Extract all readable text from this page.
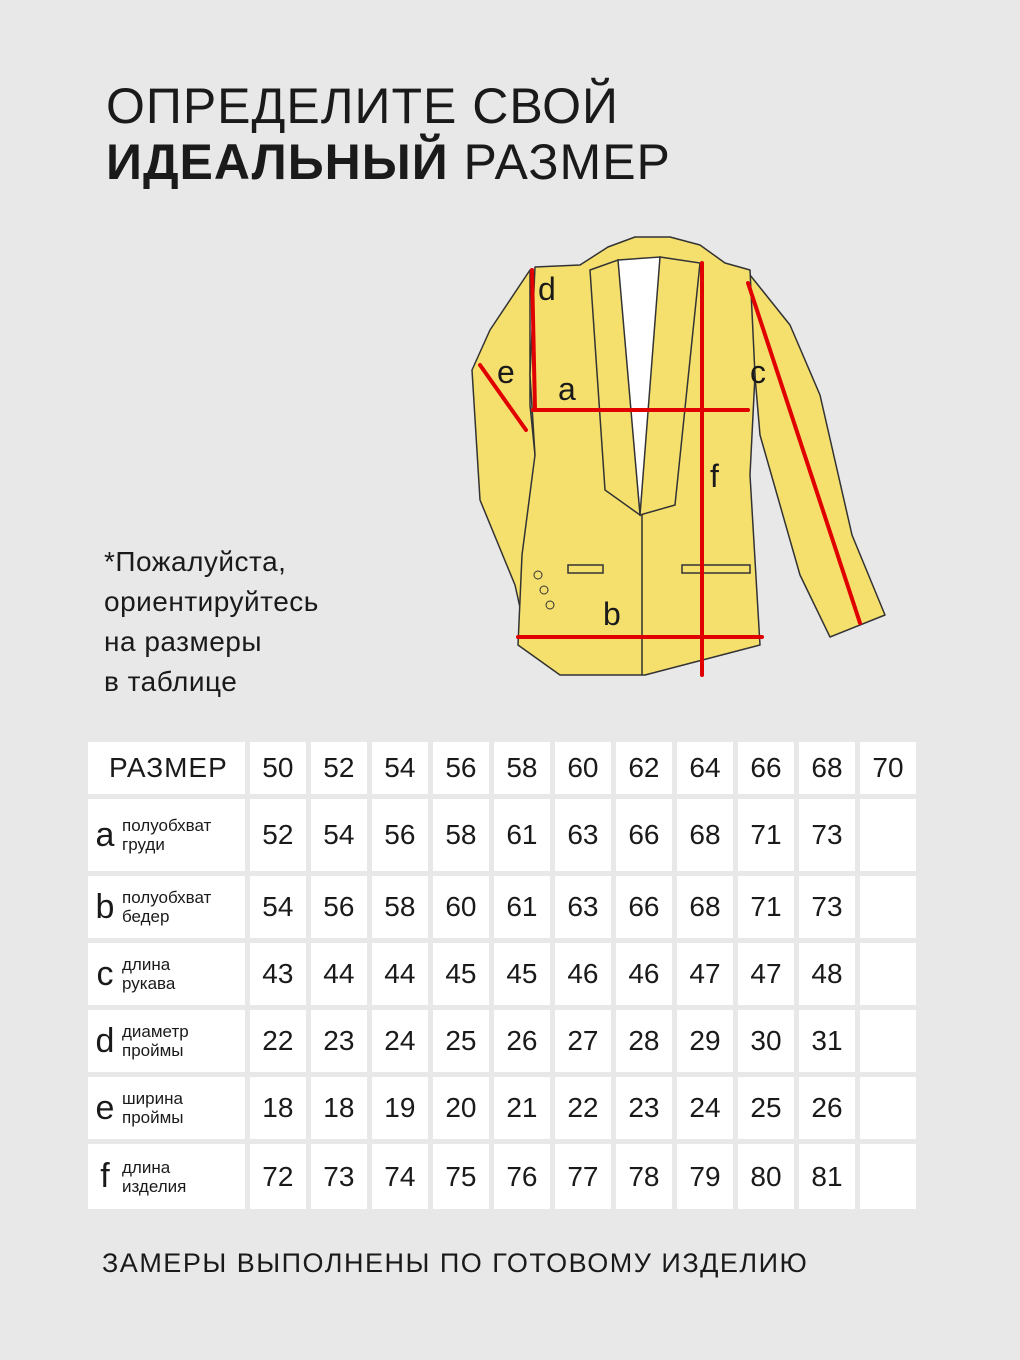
ОПРЕДЕЛИТЕ СВОЙ
ИДЕАЛЬНЫЙ РАЗМЕР
*Пожалуйста,
ориентируйтесь
на размеры
в таблице
a
b
c
d
e
f
РАЗМЕР	50	52	54	56	58	60	62	64	66	68	70
a полуобхват
груди	52	54	56	58	61	63	66	68	71	73
b полуобхват
бедер	54	56	58	60	61	63	66	68	71	73
c длина
рукава	43	44	44	45	45	46	46	47	47	48
d диаметр
проймы	22	23	24	25	26	27	28	29	30	31
e ширина
проймы	18	18	19	20	21	22	23	24	25	26
f длина
изделия	72	73	74	75	76	77	78	79	80	81
ЗАМЕРЫ ВЫПОЛНЕНЫ ПО ГОТОВОМУ ИЗДЕЛИЮ
